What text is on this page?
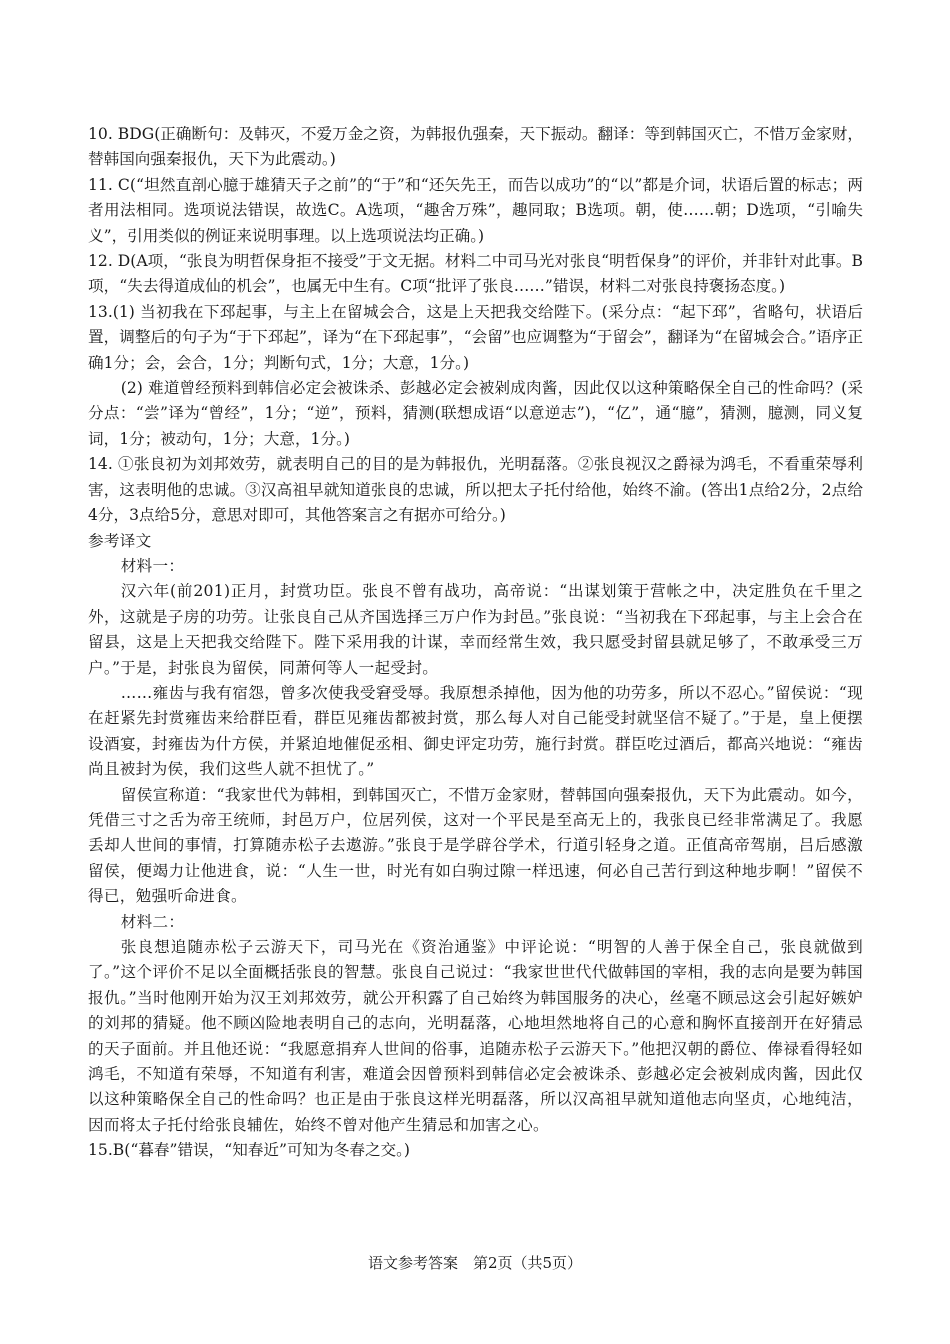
10. BDG(正确断句：及韩灭，不爱万金之资，为韩报仇强秦，天下振动。翻译：等到韩国灭亡，不惜万金家财，替韩国向强秦报仇，天下为此震动。)

11. C(“坦然直剖心臆于雄猜天子之前”的“于”和“还矢先王，而告以成功”的“以”都是介词，状语后置的标志；两者用法相同。选项说法错误，故选C。A选项，“趣舍万殊”，趣同取；B选项。朝，使……朝；D选项，“引喻失义”，引用类似的例证来说明事理。以上选项说法均正确。)

12. D(A项，“张良为明哲保身拒不接受”于文无据。材料二中司马光对张良“明哲保身”的评价，并非针对此事。B项，“失去得道成仙的机会”，也属无中生有。C项“批评了张良……”错误，材料二对张良持褒扬态度。)

13.(1) 当初我在下邳起事，与主上在留城会合，这是上天把我交给陛下。(采分点：“起下邳”，省略句，状语后置，调整后的句子为“于下邳起”，译为“在下邳起事”，“会留”也应调整为“于留会”，翻译为“在留城会合。”语序正确1分；会，会合，1分；判断句式，1分；大意，1分。)

(2) 难道曾经预料到韩信必定会被诛杀、彭越必定会被剁成肉酱，因此仅以这种策略保全自己的性命吗？(采分点：“尝”译为“曾经”，1分；“逆”，预料，猜测(联想成语“以意逆志”)，“亿”，通“臆”，猜测，臆测，同义复词，1分；被动句，1分；大意，1分。)

14. ①张良初为刘邦效劳，就表明自己的目的是为韩报仇，光明磊落。②张良视汉之爵禄为鸿毛，不看重荣辱利害，这表明他的忠诚。③汉高祖早就知道张良的忠诚，所以把太子托付给他，始终不渝。(答出1点给2分，2点给4分，3点给5分，意思对即可，其他答案言之有据亦可给分。)

参考译文

材料一：

汉六年(前201)正月，封赏功臣。张良不曾有战功，高帝说：“出谋划策于营帐之中，决定胜负在千里之外，这就是子房的功劳。让张良自己从齐国选择三万户作为封邑。”张良说：“当初我在下邳起事，与主上会合在留县，这是上天把我交给陛下。陛下采用我的计谋，幸而经常生效，我只愿受封留县就足够了，不敢承受三万户。”于是，封张良为留侯，同萧何等人一起受封。

……雍齿与我有宿怨，曾多次使我受窘受辱。我原想杀掉他，因为他的功劳多，所以不忍心。”留侯说：“现在赶紧先封赏雍齿来给群臣看，群臣见雍齿都被封赏，那么每人对自己能受封就坚信不疑了。”于是，皇上便摆设酒宴，封雍齿为什方侯，并紧迫地催促丞相、御史评定功劳，施行封赏。群臣吃过酒后，都高兴地说：“雍齿尚且被封为侯，我们这些人就不担忧了。”

留侯宣称道：“我家世代为韩相，到韩国灭亡，不惜万金家财，替韩国向强秦报仇，天下为此震动。如今，凭借三寸之舌为帝王统师，封邑万户，位居列侯，这对一个平民是至高无上的，我张良已经非常满足了。我愿丢却人世间的事情，打算随赤松子去遨游。”张良于是学辟谷学术，行道引轻身之道。正值高帝驾崩，吕后感激留侯，便竭力让他进食，说：“人生一世，时光有如白驹过隙一样迅速，何必自己苦行到这种地步啊！”留侯不得已，勉强听命进食。

材料二：

张良想追随赤松子云游天下，司马光在《资治通鉴》中评论说：“明智的人善于保全自己，张良就做到了。”这个评价不足以全面概括张良的智慧。张良自己说过：“我家世世代代做韩国的宰相，我的志向是要为韩国报仇。”当时他刚开始为汉王刘邦效劳，就公开积露了自己始终为韩国服务的决心，丝毫不顾忌这会引起好嫉妒的刘邦的猜疑。他不顾凶险地表明自己的志向，光明磊落，心地坦然地将自己的心意和胸怀直接剖开在好猜忌的天子面前。并且他还说：“我愿意捐弃人世间的俗事，追随赤松子云游天下。”他把汉朝的爵位、俸禄看得轻如鸿毛，不知道有荣辱，不知道有利害，难道会因曾预料到韩信必定会被诛杀、彭越必定会被剁成肉酱，因此仅以这种策略保全自己的性命吗？也正是由于张良这样光明磊落，所以汉高祖早就知道他志向坚贞，心地纯洁，因而将太子托付给张良辅佐，始终不曾对他产生猜忌和加害之心。

15.B(“暮春”错误，“知春近”可知为冬春之交。)

语文参考答案　第2页（共5页）
